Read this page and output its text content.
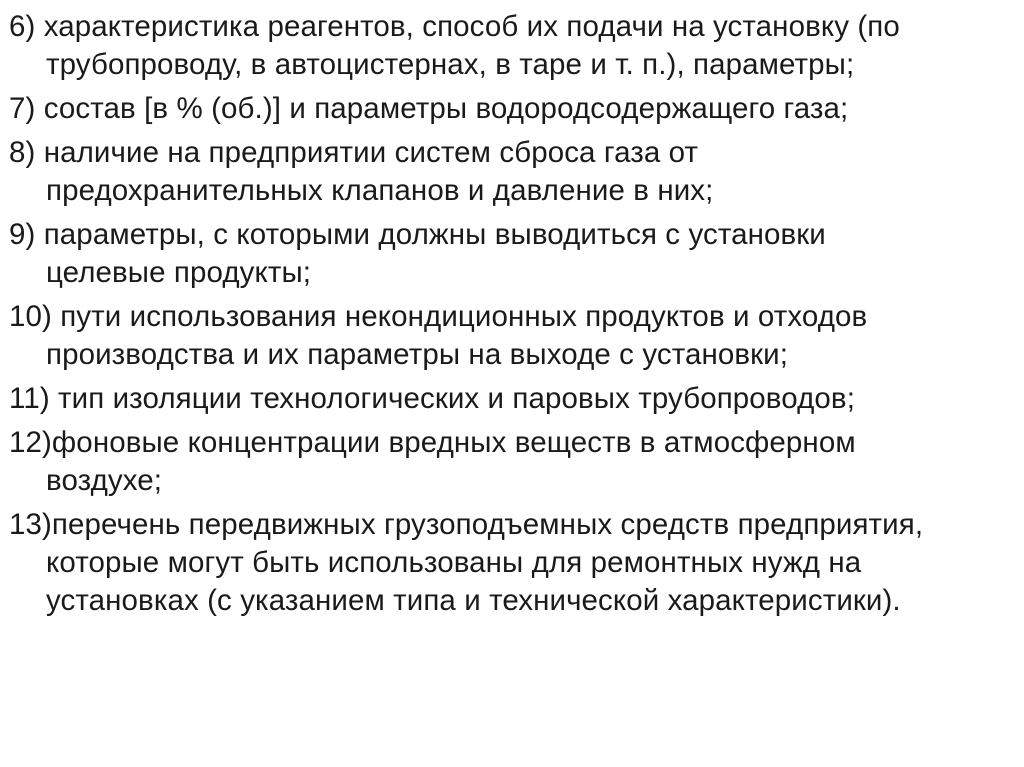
6) характеристика реагентов, способ их подачи на установку (по
трубопроводу, в автоцистернах, в таре и т. п.), параметры;
7) состав [в % (об.)] и параметры водородсодержащего газа;
8) наличие на предприятии систем сброса газа от
предохранительных клапанов и давление в них;
9) параметры, с которыми должны выводиться с установки
целевые продукты;
10) пути использования некондиционных продуктов и отходов
производства и их параметры на выходе с установки;
11) тип изоляции технологических и паровых трубопроводов;
12)фоновые концентрации вредных веществ в атмосферном
воздухе;
13)перечень передвижных грузоподъемных средств предприятия,
которые могут быть использованы для ремонтных нужд на
установках (с указанием типа и технической характеристики).
